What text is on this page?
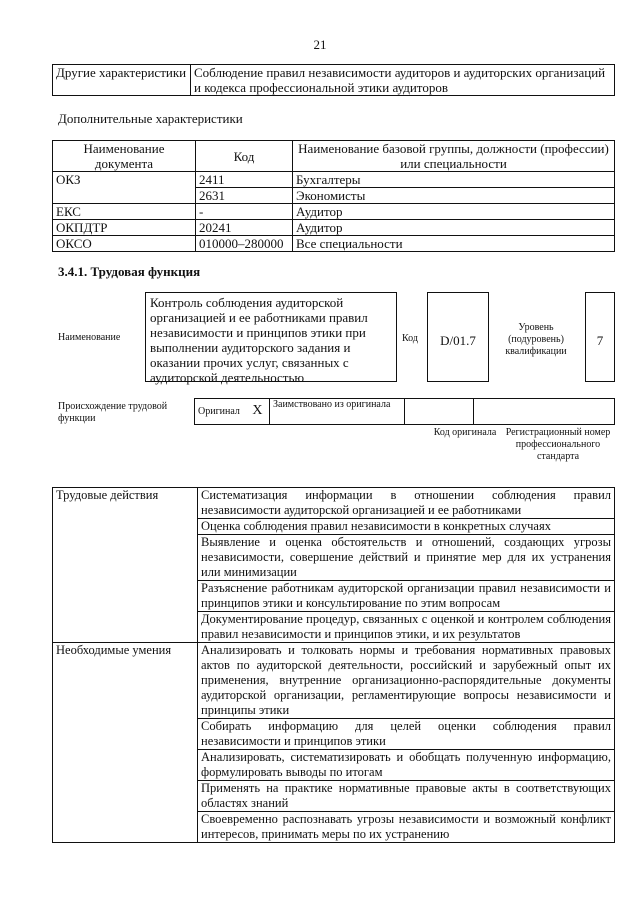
21
Другие характеристики	Соблюдение правил независимости аудиторов и аудиторских организаций и кодекса профессиональной этики аудиторов
Дополнительные характеристики
Наименование документа	Код	Наименование базовой группы, должности (профессии) или специальности
ОКЗ	2411	Бухгалтеры
	2631	Экономисты
ЕКС	-	Аудитор
ОКПДТР	20241	Аудитор
ОКСО	010000–280000	Все специальности
3.4.1. Трудовая функция
Наименование
Контроль соблюдения аудиторской организацией и ее работниками правил независимости и принципов этики при выполнении аудиторского задания и оказании прочих услуг, связанных с аудиторской деятельностью
Код	D/01.7
Уровень (подуровень) квалификации
7
Происхождение трудовой функции
Оригинал X	Заимствовано из оригинала		
Код оригинала Регистрационный номер профессионального стандарта
Трудовые действия	Систематизация информации в отношении соблюдения правил независимости аудиторской организацией и ее работниками
	Оценка соблюдения правил независимости в конкретных случаях
	Выявление и оценка обстоятельств и отношений, создающих угрозы независимости, совершение действий и принятие мер для их устранения или минимизации
	Разъяснение работникам аудиторской организации правил независимости и принципов этики и консультирование по этим вопросам
	Документирование процедур, связанных с оценкой и контролем соблюдения правил независимости и принципов этики, и их результатов
Необходимые умения	Анализировать и толковать нормы и требования нормативных правовых актов по аудиторской деятельности, российский и зарубежный опыт их применения, внутренние организационно-распорядительные документы аудиторской организации, регламентирующие вопросы независимости и принципы этики
	Собирать информацию для целей оценки соблюдения правил независимости и принципов этики
	Анализировать, систематизировать и обобщать полученную информацию, формулировать выводы по итогам
	Применять на практике нормативные правовые акты в соответствующих областях знаний
	Своевременно распознавать угрозы независимости и возможный конфликт интересов, принимать меры по их устранению
